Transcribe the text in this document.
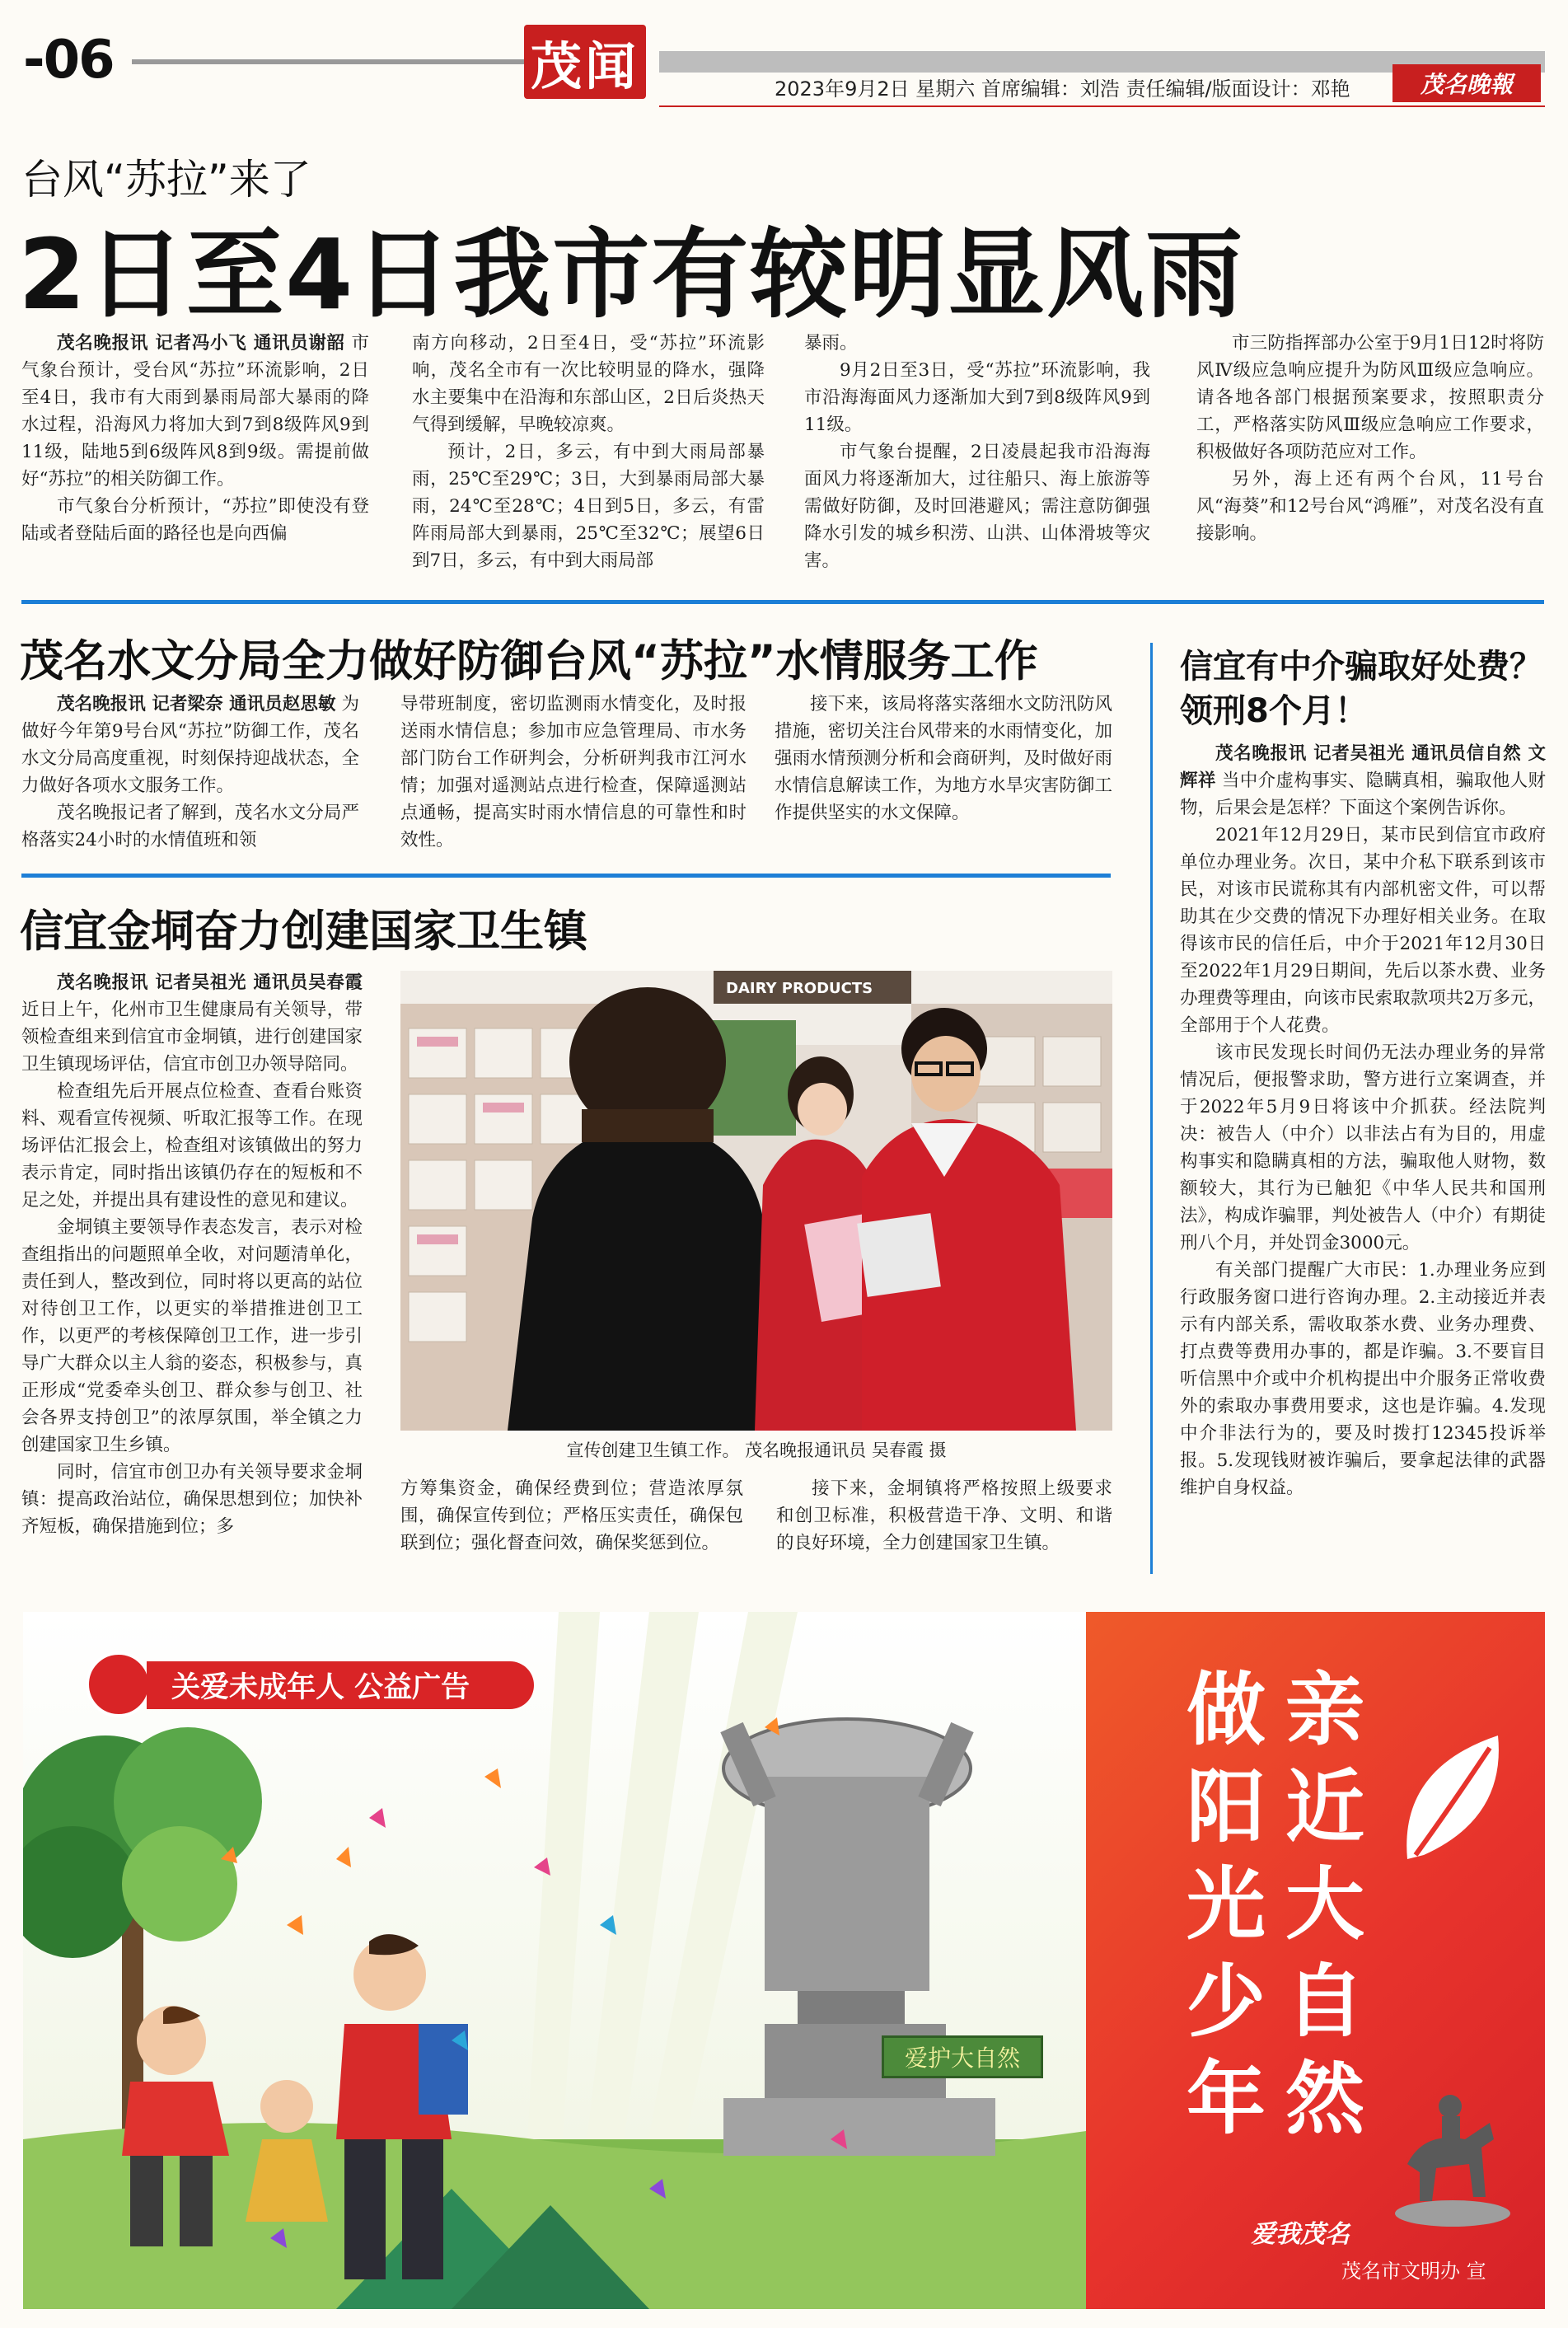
-06	茂闻	2023年9月2日 星期六 首席编辑：刘浩 责任编辑/版面设计：邓艳	茂名晚報
台风“苏拉”来了
2日至4日我市有较明显风雨

茂名晚报讯 记者冯小飞 通讯员谢韶 市气象台预计，受台风“苏拉”环流影响，2日至4日，我市有大雨到暴雨局部大暴雨的降水过程，沿海风力将加大到7到8级阵风9到11级，陆地5到6级阵风8到9级。需提前做好“苏拉”的相关防御工作。

市气象台分析预计，“苏拉”即使没有登陆或者登陆后面的路径也是向西偏

南方向移动，2日至4日，受“苏拉”环流影响，茂名全市有一次比较明显的降水，强降水主要集中在沿海和东部山区，2日后炎热天气得到缓解，早晚较凉爽。

预计，2日，多云，有中到大雨局部暴雨，25℃至29℃；3日，大到暴雨局部大暴雨，24℃至28℃；4日到5日，多云，有雷阵雨局部大到暴雨，25℃至32℃；展望6日到7日，多云，有中到大雨局部

暴雨。

9月2日至3日，受“苏拉”环流影响，我市沿海海面风力逐渐加大到7到8级阵风9到11级。

市气象台提醒，2日凌晨起我市沿海海面风力将逐渐加大，过往船只、海上旅游等需做好防御，及时回港避风；需注意防御强降水引发的城乡积涝、山洪、山体滑坡等灾害。

市三防指挥部办公室于9月1日12时将防风Ⅳ级应急响应提升为防风Ⅲ级应急响应。请各地各部门根据预案要求，按照职责分工，严格落实防风Ⅲ级应急响应工作要求，积极做好各项防范应对工作。

另外，海上还有两个台风，11号台风“海葵”和12号台风“鸿雁”，对茂名没有直接影响。

茂名水文分局全力做好防御台风“苏拉”水情服务工作

茂名晚报讯 记者梁奈 通讯员赵思敏 为做好今年第9号台风“苏拉”防御工作，茂名水文分局高度重视，时刻保持迎战状态，全力做好各项水文服务工作。

茂名晚报记者了解到，茂名水文分局严格落实24小时的水情值班和领

导带班制度，密切监测雨水情变化，及时报送雨水情信息；参加市应急管理局、市水务部门防台工作研判会，分析研判我市江河水情；加强对遥测站点进行检查，保障遥测站点通畅，提高实时雨水情信息的可靠性和时效性。

接下来，该局将落实落细水文防汛防风措施，密切关注台风带来的水雨情变化，加强雨水情预测分析和会商研判，及时做好雨水情信息解读工作，为地方水旱灾害防御工作提供坚实的水文保障。

信宜金垌奋力创建国家卫生镇

茂名晚报讯 记者吴祖光 通讯员吴春霞 近日上午，化州市卫生健康局有关领导，带领检查组来到信宜市金垌镇，进行创建国家卫生镇现场评估，信宜市创卫办领导陪同。

检查组先后开展点位检查、查看台账资料、观看宣传视频、听取汇报等工作。在现场评估汇报会上，检查组对该镇做出的努力表示肯定，同时指出该镇仍存在的短板和不足之处，并提出具有建设性的意见和建议。

金垌镇主要领导作表态发言，表示对检查组指出的问题照单全收，对问题清单化，责任到人，整改到位，同时将以更高的站位对待创卫工作，以更实的举措推进创卫工作，以更严的考核保障创卫工作，进一步引导广大群众以主人翁的姿态，积极参与，真正形成“党委牵头创卫、群众参与创卫、社会各界支持创卫”的浓厚氛围，举全镇之力创建国家卫生乡镇。

同时，信宜市创卫办有关领导要求金垌镇：提高政治站位，确保思想到位；加快补齐短板，确保措施到位；多

DAIRY PRODUCTS
宣传创建卫生镇工作。 茂名晚报通讯员 吴春霞 摄

方筹集资金，确保经费到位；营造浓厚氛围，确保宣传到位；严格压实责任，确保包联到位；强化督查问效，确保奖惩到位。

接下来，金垌镇将严格按照上级要求和创卫标准，积极营造干净、文明、和谐的良好环境，全力创建国家卫生镇。

信宜有中介骗取好处费？
领刑8个月！

茂名晚报讯 记者吴祖光 通讯员信自然 文辉祥 当中介虚构事实、隐瞒真相，骗取他人财物，后果会是怎样？下面这个案例告诉你。

2021年12月29日，某市民到信宜市政府单位办理业务。次日，某中介私下联系到该市民，对该市民谎称其有内部机密文件，可以帮助其在少交费的情况下办理好相关业务。在取得该市民的信任后，中介于2021年12月30日至2022年1月29日期间，先后以茶水费、业务办理费等理由，向该市民索取款项共2万多元，全部用于个人花费。

该市民发现长时间仍无法办理业务的异常情况后，便报警求助，警方进行立案调查，并于2022年5月9日将该中介抓获。经法院判决：被告人（中介）以非法占有为目的，用虚构事实和隐瞒真相的方法，骗取他人财物，数额较大，其行为已触犯《中华人民共和国刑法》，构成诈骗罪，判处被告人（中介）有期徒刑八个月，并处罚金3000元。

有关部门提醒广大市民：1.办理业务应到行政服务窗口进行咨询办理。2.主动接近并表示有内部关系，需收取茶水费、业务办理费、打点费等费用办事的，都是诈骗。3.不要盲目听信黑中介或中介机构提出中介服务正常收费外的索取办事费用要求，这也是诈骗。4.发现中介非法行为的，要及时拨打12345投诉举报。5.发现钱财被诈骗后，要拿起法律的武器维护自身权益。

关爱未成年人 公益广告
爱护大自然
做阳光少年
亲近大自然
爱我茂名
茂名市文明办 宣
